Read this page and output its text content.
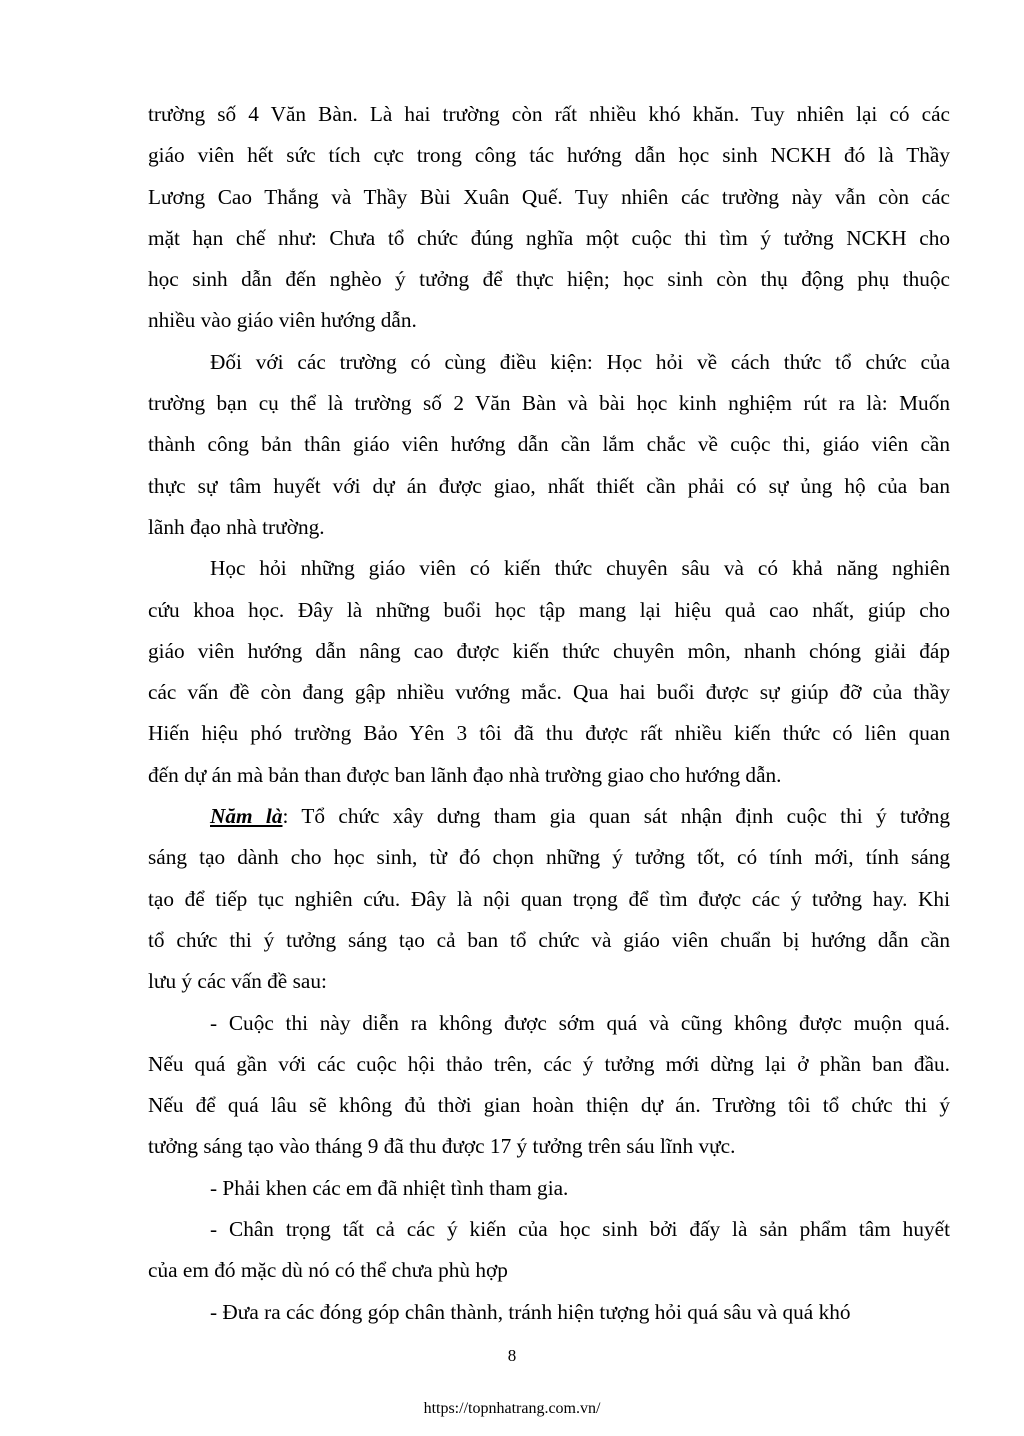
trường số 4 Văn Bàn. Là hai trường còn rất nhiều khó khăn. Tuy nhiên lại có các
giáo viên hết sức tích cực trong công tác hướng dẫn học sinh NCKH đó là Thầy
Lương Cao Thắng và Thầy Bùi Xuân Quế. Tuy nhiên các trường này vẫn còn các
mặt hạn chế như: Chưa tổ chức đúng nghĩa một cuộc thi tìm ý tưởng NCKH cho
học sinh dẫn đến nghèo ý tưởng để thực hiện; học sinh còn thụ động phụ thuộc
nhiều vào giáo viên hướng dẫn.

Đối với các trường có cùng điều kiện: Học hỏi về cách thức tổ chức của
trường bạn cụ thể là trường số 2 Văn Bàn và bài học kinh nghiệm rút ra là: Muốn
thành công bản thân giáo viên hướng dẫn cần lắm chắc về cuộc thi, giáo viên cần
thực sự tâm huyết với dự án được giao, nhất thiết cần phải có sự ủng hộ của ban
lãnh đạo nhà trường.

Học hỏi những giáo viên có kiến thức chuyên sâu và có khả năng nghiên
cứu khoa học. Đây là những buổi học tập mang lại hiệu quả cao nhất, giúp cho
giáo viên hướng dẫn nâng cao được kiến thức chuyên môn, nhanh chóng giải đáp
các vấn đề còn đang gập nhiều vướng mắc. Qua hai buổi được sự giúp đỡ của thầy
Hiến hiệu phó trường Bảo Yên 3 tôi đã thu được rất nhiều kiến thức có liên quan
đến dự án mà bản than được ban lãnh đạo nhà trường giao cho hướng dẫn.

Năm là: Tổ chức xây dưng tham gia quan sát nhận định cuộc thi ý tưởng
sáng tạo dành cho học sinh, từ đó chọn những ý tưởng tốt, có tính mới, tính sáng
tạo để tiếp tục nghiên cứu. Đây là nội quan trọng để tìm được các ý tưởng hay. Khi
tổ chức thi ý tưởng sáng tạo cả ban tổ chức và giáo viên chuẩn bị hướng dẫn cần
lưu ý các vấn đề sau:

- Cuộc thi này diễn ra không được sớm quá và cũng không được muộn quá.
Nếu quá gần với các cuộc hội thảo trên, các ý tưởng mới dừng lại ở phần ban đầu.
Nếu để quá lâu sẽ không đủ thời gian hoàn thiện dự án. Trường tôi tổ chức thi ý
tưởng sáng tạo vào tháng 9 đã thu được 17 ý tưởng trên sáu lĩnh vực.

- Phải khen các em đã nhiệt tình tham gia.

- Chân trọng tất cả các ý kiến của học sinh bởi đấy là sản phẩm tâm huyết
của em đó mặc dù nó có thể chưa phù hợp

- Đưa ra các đóng góp chân thành, tránh hiện tượng hỏi quá sâu và quá khó

8
https://topnhatrang.com.vn/
